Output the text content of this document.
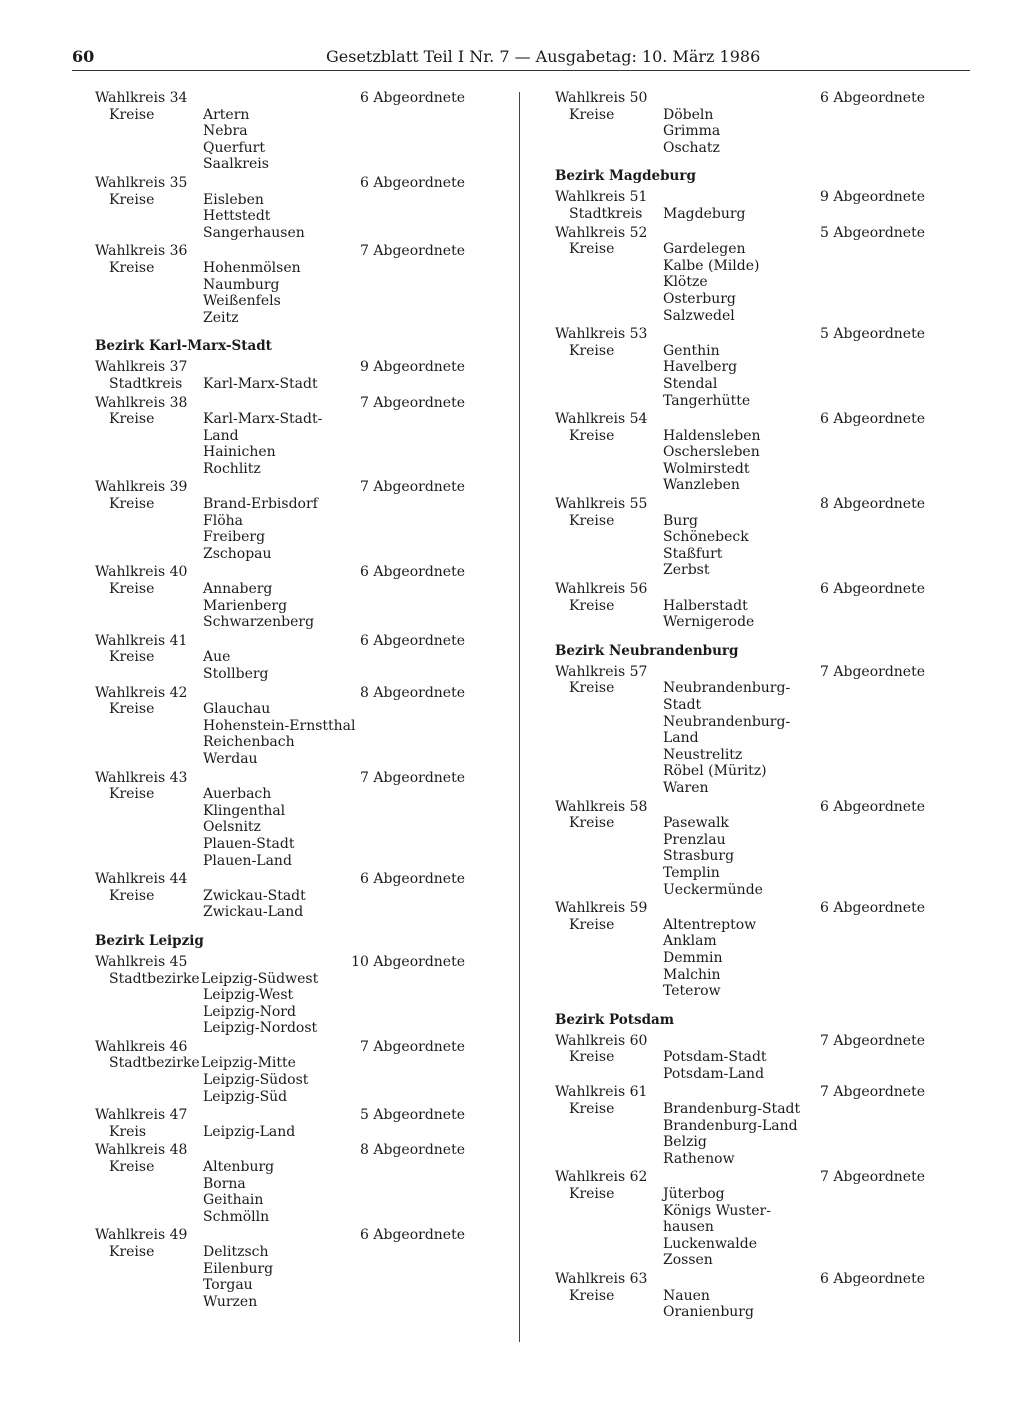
60	Gesetzblatt Teil I Nr. 7 — Ausgabetag: 10. März 1986
Wahlkreis 34	6 Abgeordnete
Kreise	Artern
Nebra
Querfurt
Saalkreis
Wahlkreis 35	6 Abgeordnete
Kreise	Eisleben
Hettstedt
Sangerhausen
Wahlkreis 36	7 Abgeordnete
Kreise	Hohenmölsen
Naumburg
Weißenfels
Zeitz
Bezirk Karl-Marx-Stadt
Wahlkreis 37	9 Abgeordnete
Stadtkreis Karl-Marx-Stadt
Wahlkreis 38	7 Abgeordnete
Kreise	Karl-Marx-Stadt-
Land
Hainichen
Rochlitz
Wahlkreis 39	7 Abgeordnete
Kreise	Brand-Erbisdorf
Flöha
Freiberg
Zschopau
Wahlkreis 40	6 Abgeordnete
Kreise	Annaberg
Marienberg
Schwarzenberg
Wahlkreis 41	6 Abgeordnete
Kreise	Aue
Stollberg
Wahlkreis 42	8 Abgeordnete
Kreise	Glauchau
Hohenstein-Ernstthal
Reichenbach
Werdau
Wahlkreis 43	7 Abgeordnete
Kreise	Auerbach
Klingenthal
Oelsnitz
Plauen-Stadt
Plauen-Land
Wahlkreis 44	6 Abgeordnete
Kreise	Zwickau-Stadt
Zwickau-Land
Bezirk Leipzig
Wahlkreis 45	10 Abgeordnete
Stadtbezirke Leipzig-Südwest
Leipzig-West
Leipzig-Nord
Leipzig-Nordost
Wahlkreis 46	7 Abgeordnete
Stadtbezirke Leipzig-Mitte
Leipzig-Südost
Leipzig-Süd
Wahlkreis 47	5 Abgeordnete
Kreis	Leipzig-Land
Wahlkreis 48	8 Abgeordnete
Kreise	Altenburg
Borna
Geithain
Schmölln
Wahlkreis 49	6 Abgeordnete
Kreise	Delitzsch
Eilenburg
Torgau
Wurzen
Wahlkreis 50	6 Abgeordnete
Kreise	Döbeln
Grimma
Oschatz
Bezirk Magdeburg
Wahlkreis 51	9 Abgeordnete
Stadtkreis Magdeburg
Wahlkreis 52	5 Abgeordnete
Kreise	Gardelegen
Kalbe (Milde)
Klötze
Osterburg
Salzwedel
Wahlkreis 53	5 Abgeordnete
Kreise	Genthin
Havelberg
Stendal
Tangerhütte
Wahlkreis 54	6 Abgeordnete
Kreise	Haldensleben
Oschersleben
Wolmirstedt
Wanzleben
Wahlkreis 55	8 Abgeordnete
Kreise	Burg
Schönebeck
Staßfurt
Zerbst
Wahlkreis 56	6 Abgeordnete
Kreise	Halberstadt
Wernigerode
Bezirk Neubrandenburg
Wahlkreis 57	7 Abgeordnete
Kreise	Neubrandenburg-
Stadt
Neubrandenburg-
Land
Neustrelitz
Röbel (Müritz)
Waren
Wahlkreis 58	6 Abgeordnete
Kreise	Pasewalk
Prenzlau
Strasburg
Templin
Ueckermünde
Wahlkreis 59	6 Abgeordnete
Kreise	Altentreptow
Anklam
Demmin
Malchin
Teterow
Bezirk Potsdam
Wahlkreis 60	7 Abgeordnete
Kreise	Potsdam-Stadt
Potsdam-Land
Wahlkreis 61	7 Abgeordnete
Kreise	Brandenburg-Stadt
Brandenburg-Land
Belzig
Rathenow
Wahlkreis 62	7 Abgeordnete
Kreise	Jüterbog
Königs Wuster-
hausen
Luckenwalde
Zossen
Wahlkreis 63	6 Abgeordnete
Kreise	Nauen
Oranienburg
